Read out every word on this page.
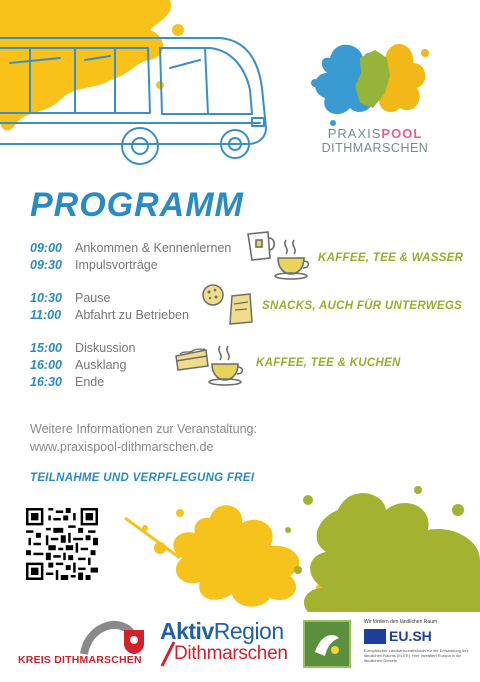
PRAXISPOOL
DITHMARSCHEN
PROGRAMM
09:00 Ankommen & Kennenlernen
09:30 Impulsvorträge	KAFFEE, TEE & WASSER
10:30 Pause
11:00 Abfahrt zu Betrieben
SNACKS, AUCH FÜR UNTERWEGS
15:00 Diskussion
16:00 Ausklang
16:30 Ende
KAFFEE, TEE & KUCHEN
Weitere Informationen zur Veranstaltung:
www.praxispool-dithmarschen.de
TEILNAHME UND VERPFLEGUNG FREI
KREIS DITHMARSCHEN
AktivRegion
Dithmarschen
Wir fördern den ländlichen Raum
EU.SH
Europäischer Landwirtschaftsfonds für die Entwicklung des ländlichen Raums (ELER): Hier investiert Europa in die ländlichen Gebiete.
